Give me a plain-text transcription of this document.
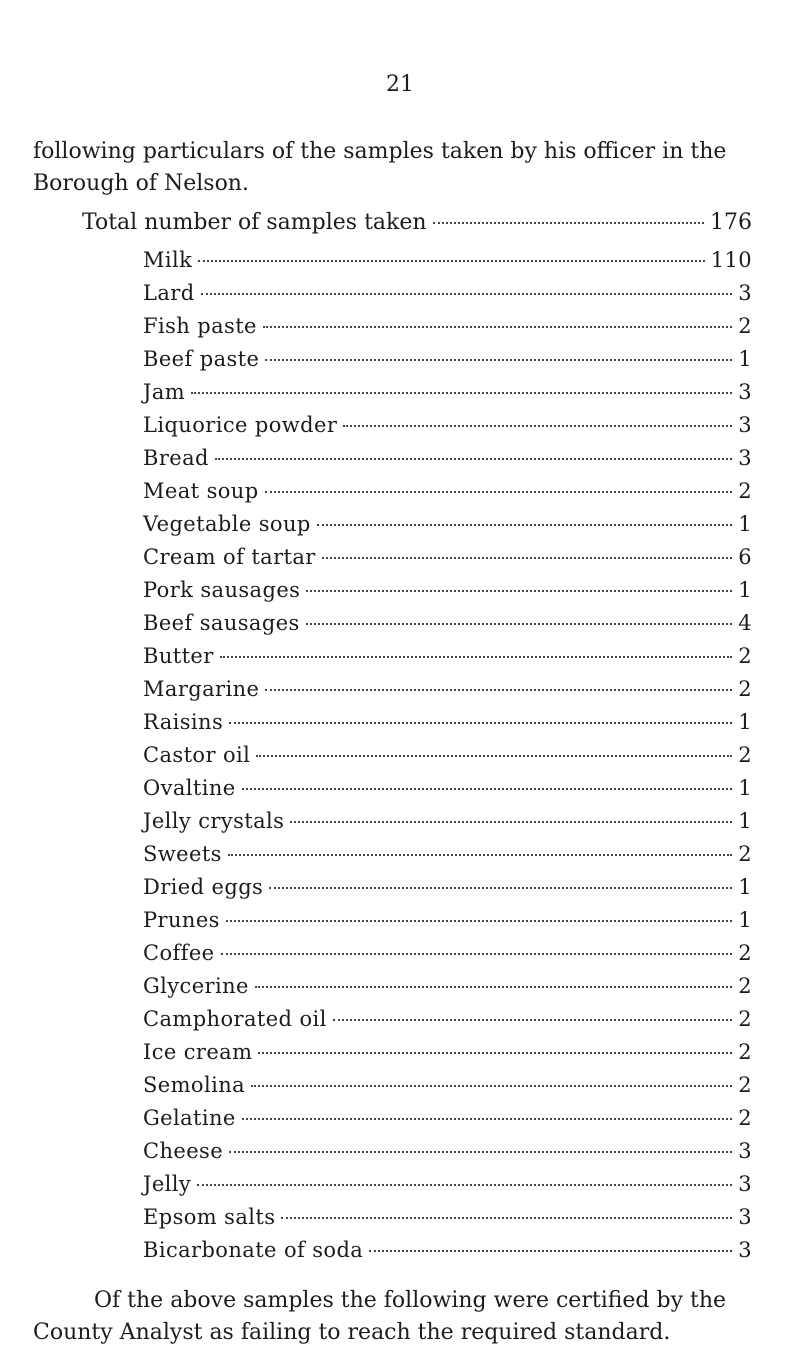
21

following particulars of the samples taken by his officer in the Borough of Nelson.

Total number of samples taken	176
Milk	110
Lard	3
Fish paste	2
Beef paste	1
Jam	3
Liquorice powder	3
Bread	3
Meat soup	2
Vegetable soup	1
Cream of tartar	6
Pork sausages	1
Beef sausages	4
Butter	2
Margarine	2
Raisins	1
Castor oil	2
Ovaltine	1
Jelly crystals	1
Sweets	2
Dried eggs	1
Prunes	1
Coffee	2
Glycerine	2
Camphorated oil	2
Ice cream	2
Semolina	2
Gelatine	2
Cheese	3
Jelly	3
Epsom salts	3
Bicarbonate of soda	3

Of the above samples the following were certified by the County Analyst as failing to reach the required standard.
